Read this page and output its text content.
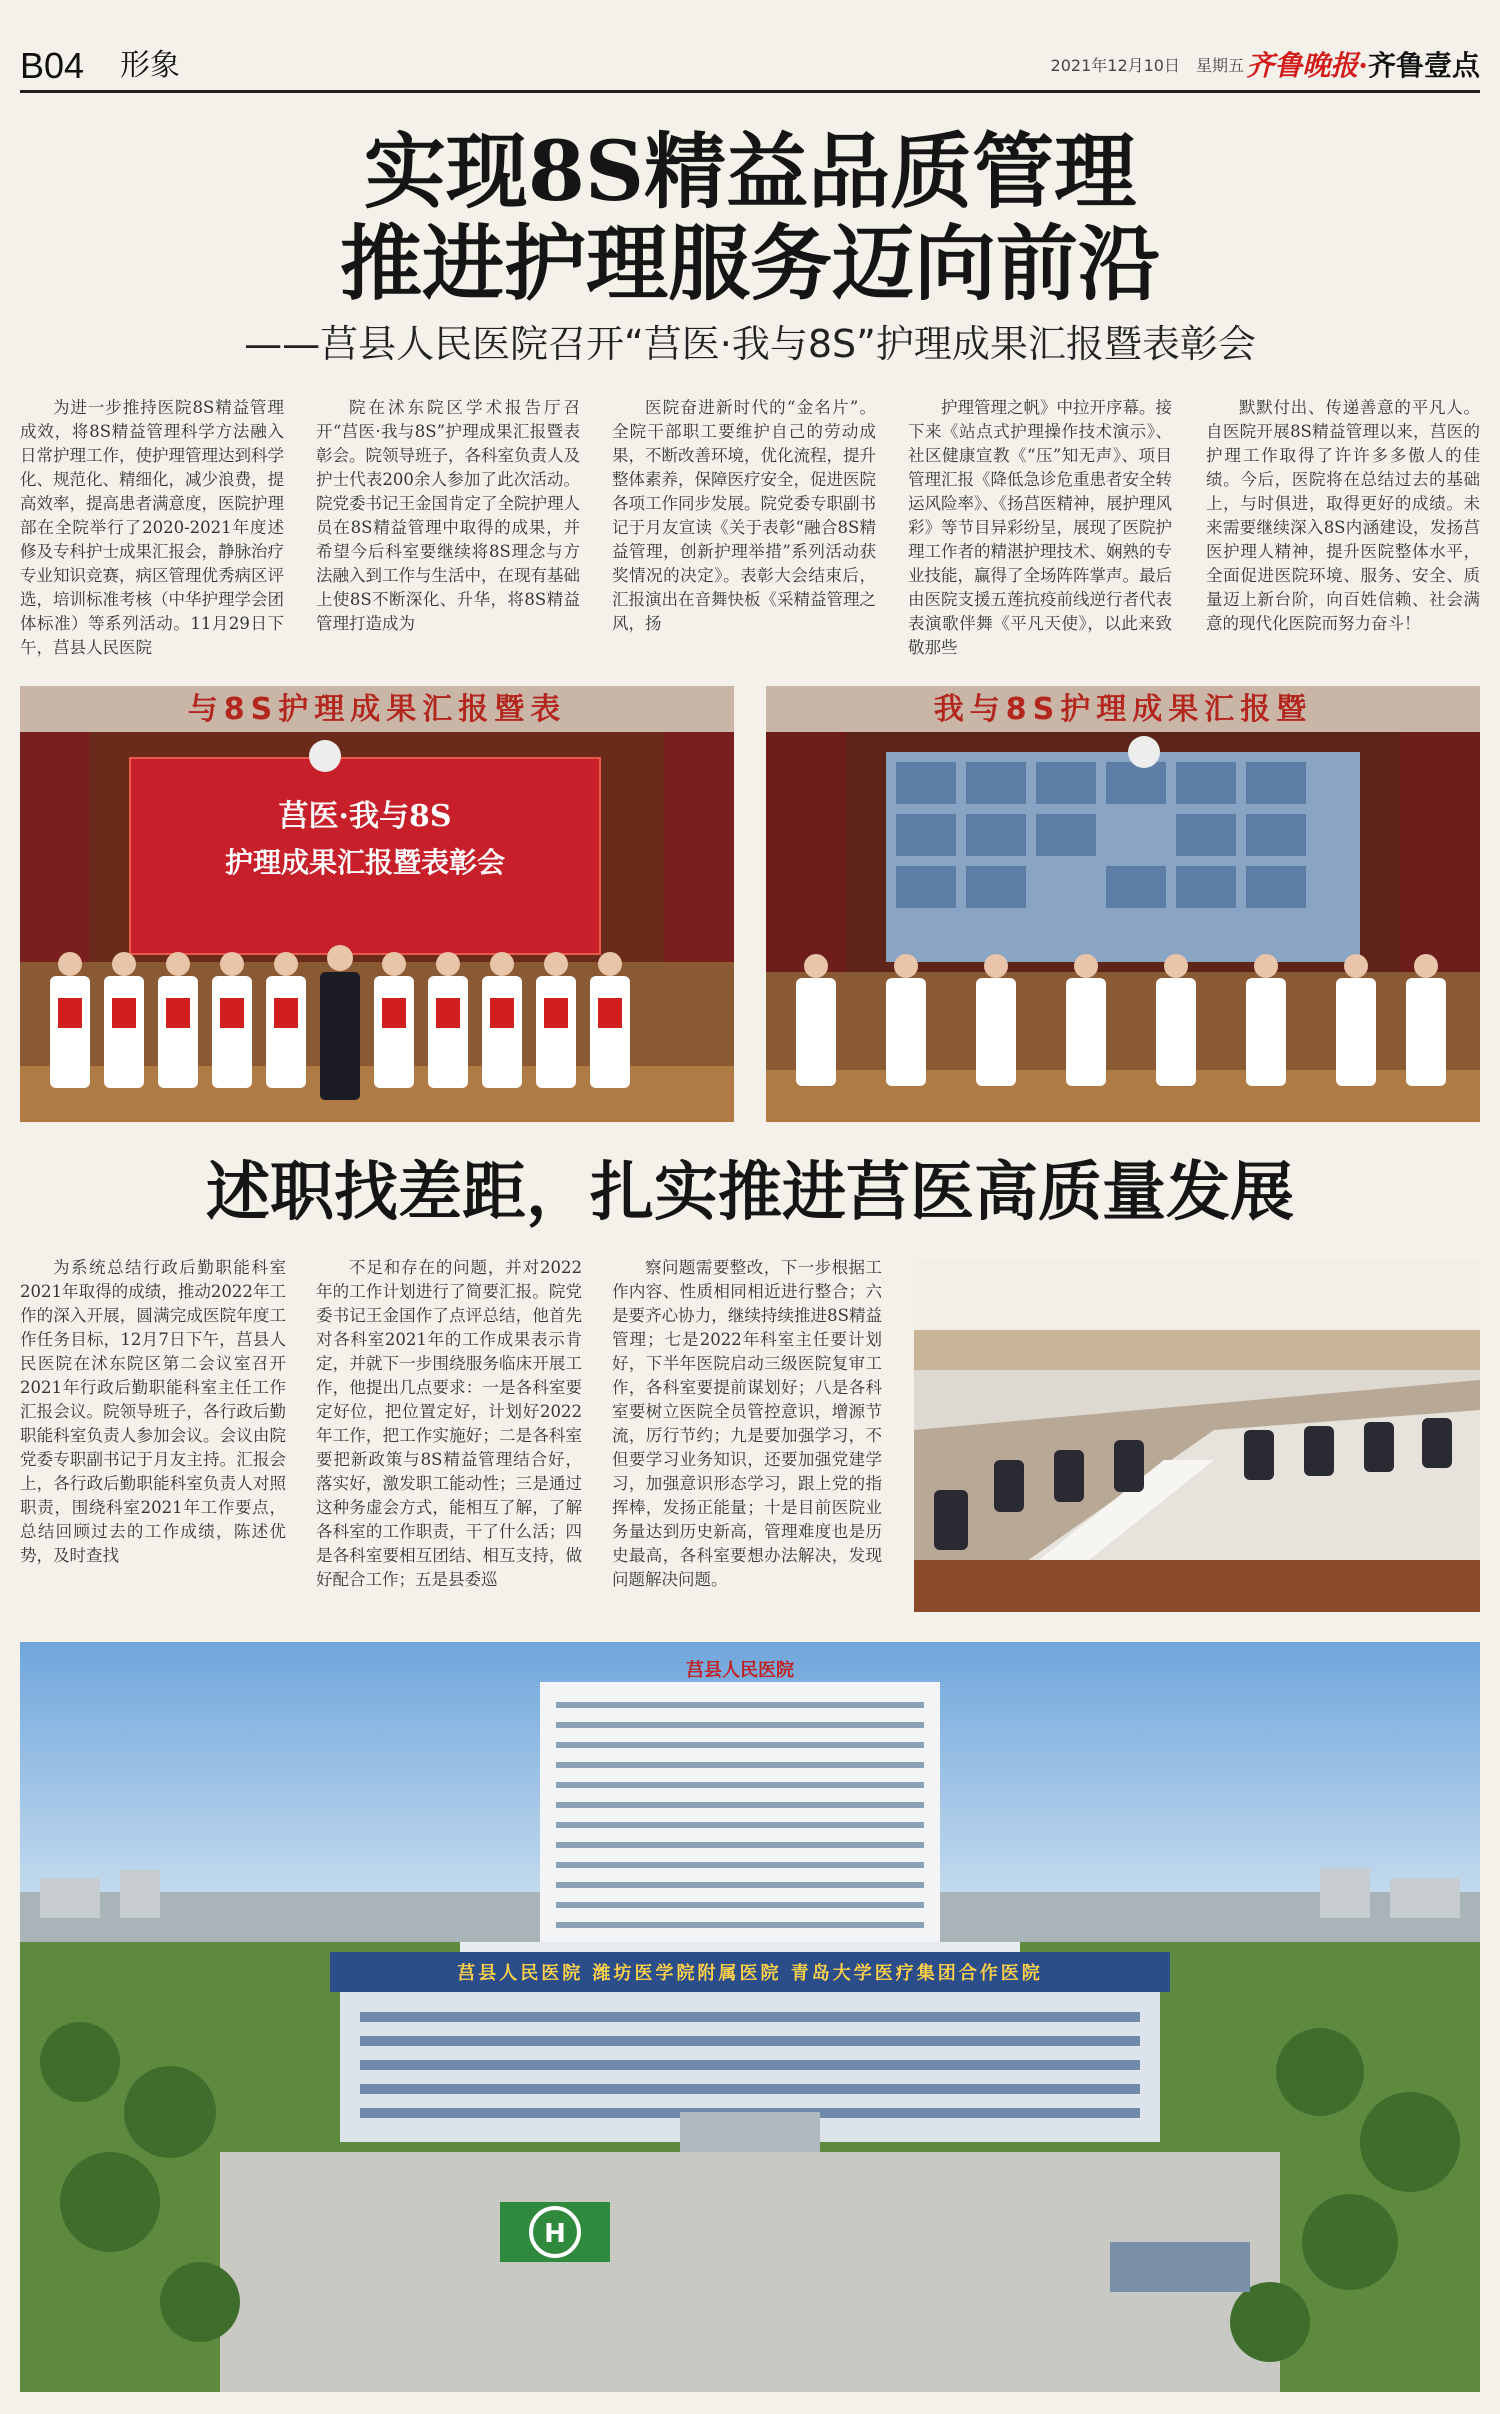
B04 形象	2021年12月10日 星期五 齐鲁晚报·齐鲁壹点
实现8S精益品质管理
推进护理服务迈向前沿
——莒县人民医院召开“莒医·我与8S”护理成果汇报暨表彰会

为进一步推持医院8S精益管理成效，将8S精益管理科学方法融入日常护理工作，使护理管理达到科学化、规范化、精细化，减少浪费，提高效率，提高患者满意度，医院护理部在全院举行了2020-2021年度述修及专科护士成果汇报会，静脉治疗专业知识竞赛，病区管理优秀病区评选，培训标准考核（中华护理学会团体标准）等系列活动。11月29日下午，莒县人民医院

院在沭东院区学术报告厅召开“莒医·我与8S”护理成果汇报暨表彰会。院领导班子，各科室负责人及护士代表200余人参加了此次活动。院党委书记王金国肯定了全院护理人员在8S精益管理中取得的成果，并希望今后科室要继续将8S理念与方法融入到工作与生活中，在现有基础上使8S不断深化、升华，将8S精益管理打造成为

医院奋进新时代的“金名片”。全院干部职工要维护自己的劳动成果，不断改善环境，优化流程，提升整体素养，保障医疗安全，促进医院各项工作同步发展。院党委专职副书记于月友宣读《关于表彰“融合8S精益管理，创新护理举措”系列活动获奖情况的决定》。表彰大会结束后，汇报演出在音舞快板《采精益管理之风，扬

护理管理之帆》中拉开序幕。接下来《站点式护理操作技术演示》、社区健康宣教《“压”知无声》、项目管理汇报《降低急诊危重患者安全转运风险率》、《扬莒医精神，展护理风彩》等节目异彩纷呈，展现了医院护理工作者的精湛护理技术、娴熟的专业技能，赢得了全场阵阵掌声。最后由医院支援五莲抗疫前线逆行者代表表演歌伴舞《平凡天使》，以此来致敬那些

默默付出、传递善意的平凡人。自医院开展8S精益管理以来，莒医的护理工作取得了许许多多傲人的佳绩。今后，医院将在总结过去的基础上，与时俱进，取得更好的成绩。未来需要继续深入8S内涵建设，发扬莒医护理人精神，提升医院整体水平，全面促进医院环境、服务、安全、质量迈上新台阶，向百姓信赖、社会满意的现代化医院而努力奋斗！

与8S护理成果汇报暨表
莒医·我与8S
护理成果汇报暨表彰会
我与8S护理成果汇报暨
述职找差距，扎实推进莒医高质量发展

为系统总结行政后勤职能科室2021年取得的成绩，推动2022年工作的深入开展，圆满完成医院年度工作任务目标，12月7日下午，莒县人民医院在沭东院区第二会议室召开2021年行政后勤职能科室主任工作汇报会议。院领导班子，各行政后勤职能科室负责人参加会议。会议由院党委专职副书记于月友主持。汇报会上，各行政后勤职能科室负责人对照职责，围绕科室2021年工作要点，总结回顾过去的工作成绩，陈述优势，及时查找

不足和存在的问题，并对2022年的工作计划进行了简要汇报。院党委书记王金国作了点评总结，他首先对各科室2021年的工作成果表示肯定，并就下一步围绕服务临床开展工作，他提出几点要求：一是各科室要定好位，把位置定好，计划好2022年工作，把工作实施好；二是各科室要把新政策与8S精益管理结合好，落实好，激发职工能动性；三是通过这种务虚会方式，能相互了解，了解各科室的工作职责，干了什么活；四是各科室要相互团结、相互支持，做好配合工作；五是县委巡

察问题需要整改，下一步根据工作内容、性质相同相近进行整合；六是要齐心协力，继续持续推进8S精益管理；七是2022年科室主任要计划好，下半年医院启动三级医院复审工作，各科室要提前谋划好；八是各科室要树立医院全员管控意识，增源节流，厉行节约；九是要加强学习，不但要学习业务知识，还要加强党建学习，加强意识形态学习，跟上党的指挥棒，发扬正能量；十是目前医院业务量达到历史新高，管理难度也是历史最高，各科室要想办法解决，发现问题解决问题。

莒县人民医院
莒县人民医院 潍坊医学院附属医院 青岛大学医疗集团合作医院
H
